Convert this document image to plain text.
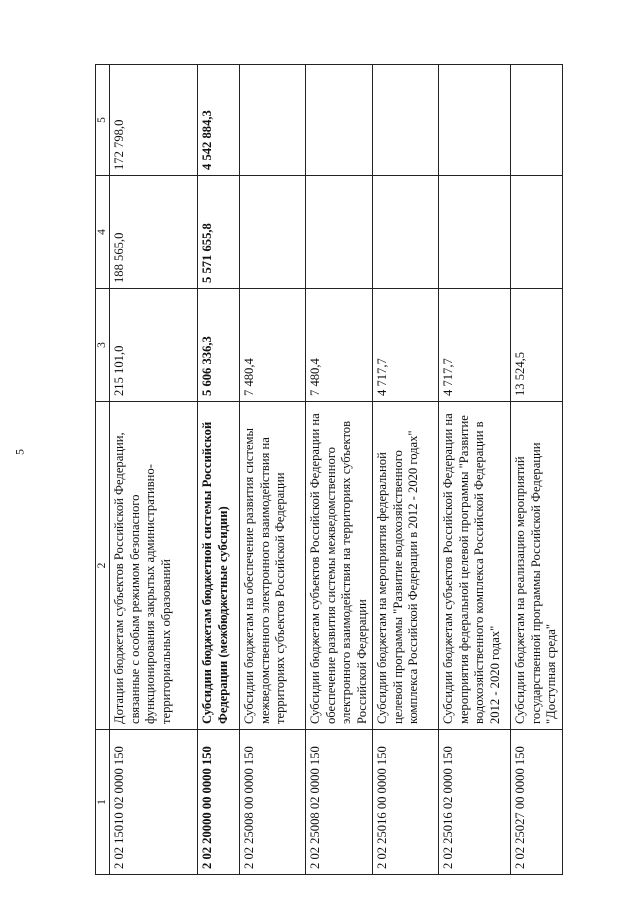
5
1	2	3	4	5
2 02 15010 02 0000 150	Дотации бюджетам субъектов Российской Федерации, связанные с особым режимом безопасного функционирования закрытых административно-территориальных образований	215 101,0	188 565,0	172 798,0
2 02 20000 00 0000 150	Субсидии бюджетам бюджетной системы Российской Федерации (межбюджетные субсидии)	5 606 336,3	5 571 655,8	4 542 884,3
2 02 25008 00 0000 150	Субсидии бюджетам на обеспечение развития системы межведомственного электронного взаимодействия на территориях субъектов Российской Федерации	7 480,4		
2 02 25008 02 0000 150	Субсидии бюджетам субъектов Российской Федерации на обеспечение развития системы межведомственного электронного взаимодействия на территориях субъектов Российской Федерации	7 480,4		
2 02 25016 00 0000 150	Субсидии бюджетам на мероприятия федеральной целевой программы "Развитие водохозяйственного комплекса Российской Федерации в 2012 - 2020 годах"	4 717,7		
2 02 25016 02 0000 150	Субсидии бюджетам субъектов Российской Федерации на мероприятия федеральной целевой программы "Развитие водохозяйственного комплекса Российской Федерации в 2012 - 2020 годах"	4 717,7		
2 02 25027 00 0000 150	Субсидии бюджетам на реализацию мероприятий государственной программы Российской Федерации "Доступная среда"	13 524,5		
